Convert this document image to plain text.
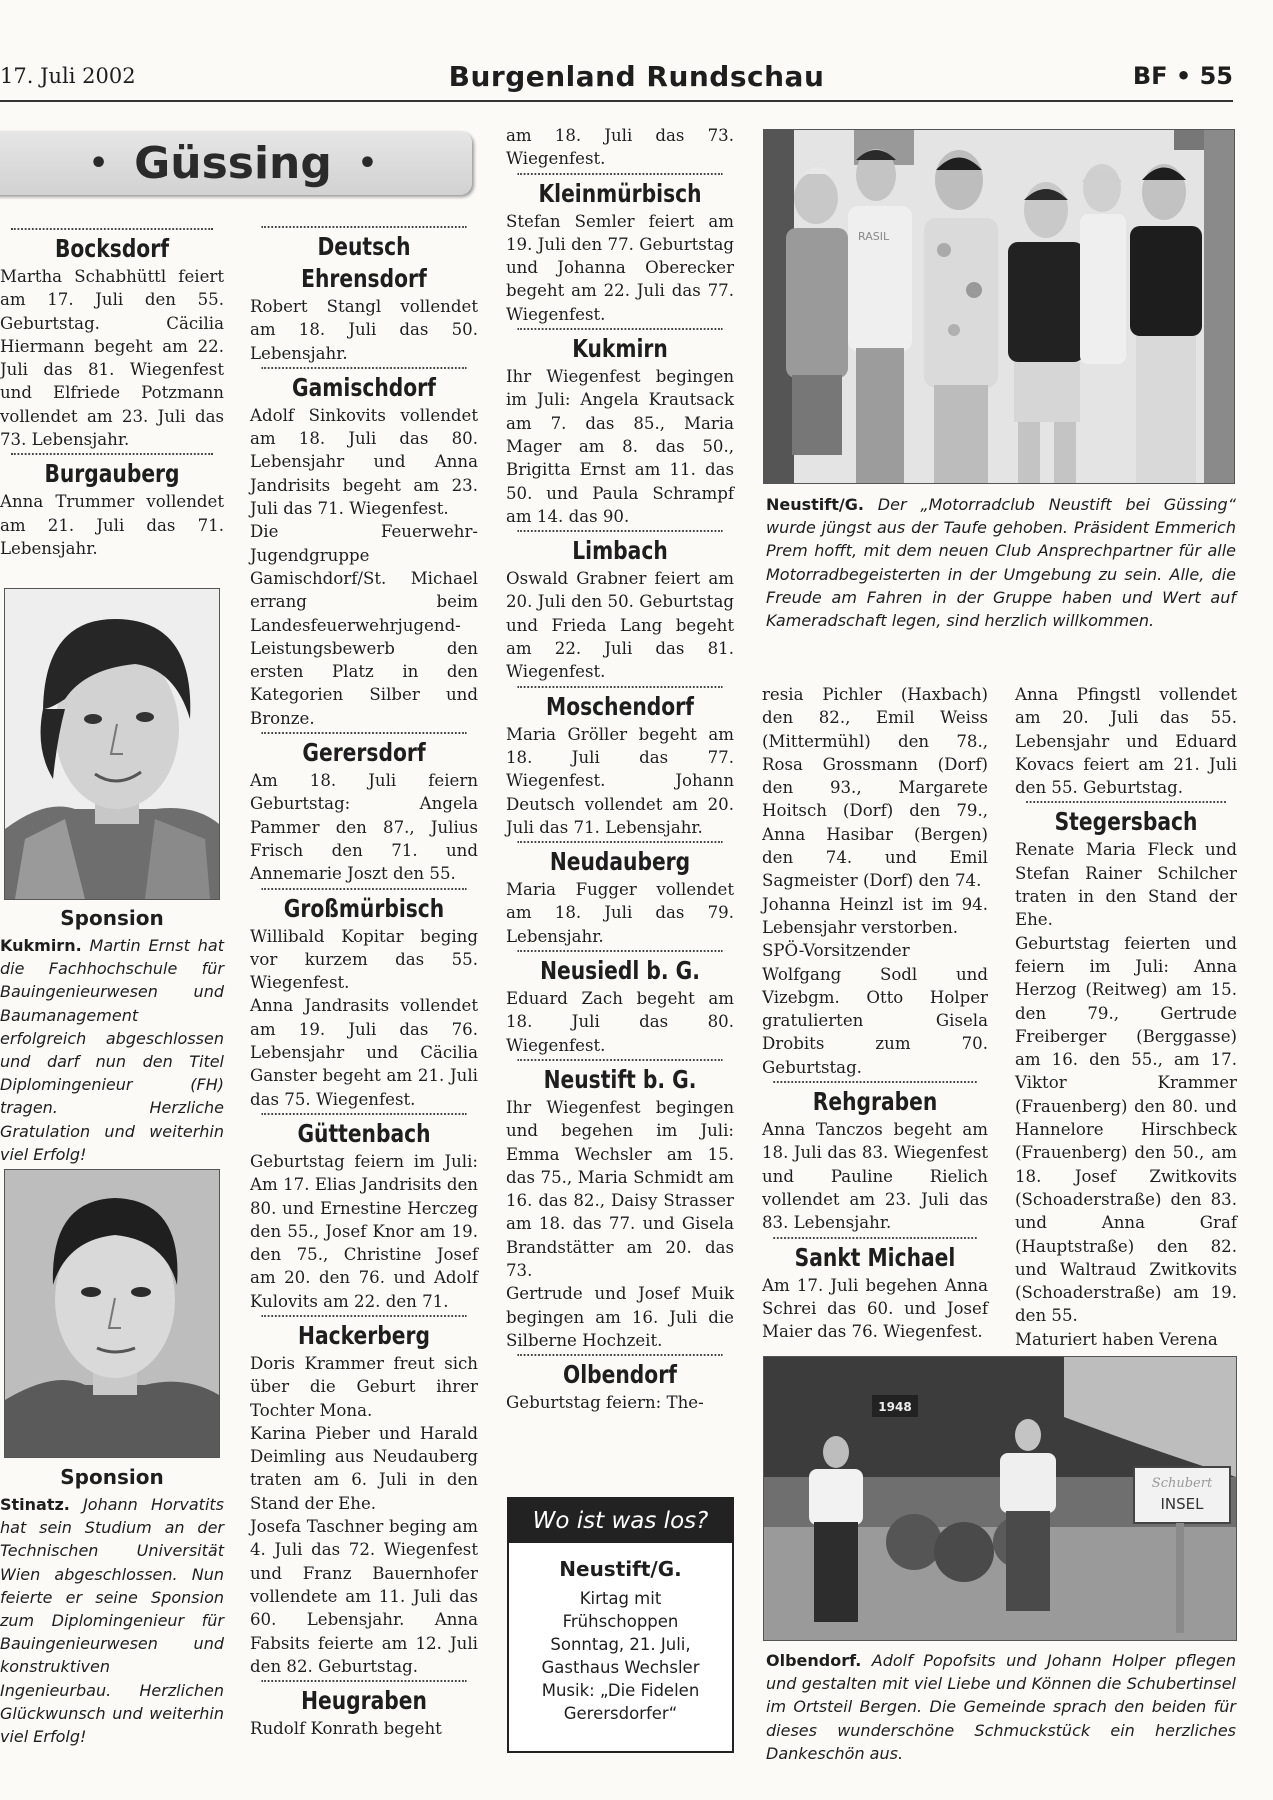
17. Juli 2002	Burgenland Rundschau	BF • 55
• Güssing •
Bocksdorf

Martha Schabhüttl feiert am 17. Juli den 55. Geburtstag. Cäcilia Hiermann begeht am 22. Juli das 81. Wiegenfest und Elfriede Potzmann vollendet am 23. Juli das 73. Lebensjahr.

Burgauberg

Anna Trummer vollendet am 21. Juli das 71. Lebensjahr.

Sponsion
Kukmirn. Martin Ernst hat die Fachhochschule für Bauingenieurwesen und Baumanagement erfolgreich abgeschlossen und darf nun den Titel Diplomingenieur (FH) tragen. Herzliche Gratulation und weiterhin viel Erfolg!
Sponsion
Stinatz. Johann Horvatits hat sein Studium an der Technischen Universität Wien abgeschlossen. Nun feierte er seine Sponsion zum Diplomingenieur für Bauingenieurwesen und konstruktiven Ingenieurbau. Herzlichen Glückwunsch und weiterhin viel Erfolg!
Deutsch Ehrensdorf

Robert Stangl vollendet am 18. Juli das 50. Lebensjahr.

Gamischdorf

Adolf Sinkovits vollendet am 18. Juli das 80. Lebensjahr und Anna Jandrisits begeht am 23. Juli das 71. Wiegenfest.

Die Feuerwehr-Jugendgruppe Gamischdorf/St. Michael errang beim Landesfeuerwehrjugend-Leistungsbewerb den ersten Platz in den Kategorien Silber und Bronze.

Gerersdorf

Am 18. Juli feiern Geburtstag: Angela Pammer den 87., Julius Frisch den 71. und Annemarie Joszt den 55.

Großmürbisch

Willibald Kopitar beging vor kurzem das 55. Wiegenfest.

Anna Jandrasits vollendet am 19. Juli das 76. Lebensjahr und Cäcilia Ganster begeht am 21. Juli das 75. Wiegenfest.

Güttenbach

Geburtstag feiern im Juli: Am 17. Elias Jandrisits den 80. und Ernestine Herczeg den 55., Josef Knor am 19. den 75., Christine Josef am 20. den 76. und Adolf Kulovits am 22. den 71.

Hackerberg

Doris Krammer freut sich über die Geburt ihrer Tochter Mona.

Karina Pieber und Harald Deimling aus Neudauberg traten am 6. Juli in den Stand der Ehe.

Josefa Taschner beging am 4. Juli das 72. Wiegenfest und Franz Bauernhofer vollendete am 11. Juli das 60. Lebensjahr. Anna Fabsits feierte am 12. Juli den 82. Geburtstag.

Heugraben

Rudolf Konrath begeht

am 18. Juli das 73. Wiegenfest.

Kleinmürbisch

Stefan Semler feiert am 19. Juli den 77. Geburtstag und Johanna Oberecker begeht am 22. Juli das 77. Wiegenfest.

Kukmirn

Ihr Wiegenfest begingen im Juli: Angela Krautsack am 7. das 85., Maria Mager am 8. das 50., Brigitta Ernst am 11. das 50. und Paula Schrampf am 14. das 90.

Limbach

Oswald Grabner feiert am 20. Juli den 50. Geburtstag und Frieda Lang begeht am 22. Juli das 81. Wiegenfest.

Moschendorf

Maria Gröller begeht am 18. Juli das 77. Wiegenfest. Johann Deutsch vollendet am 20. Juli das 71. Lebensjahr.

Neudauberg

Maria Fugger vollendet am 18. Juli das 79. Lebensjahr.

Neusiedl b. G.

Eduard Zach begeht am 18. Juli das 80. Wiegenfest.

Neustift b. G.

Ihr Wiegenfest begingen und begehen im Juli: Emma Wechsler am 15. das 75., Maria Schmidt am 16. das 82., Daisy Strasser am 18. das 77. und Gisela Brandstätter am 20. das 73.

Gertrude und Josef Muik begingen am 16. Juli die Silberne Hochzeit.

Olbendorf

Geburtstag feiern: The-

Wo ist was los?
Neustift/G.
Kirtag mit
Frühschoppen
Sonntag, 21. Juli,
Gasthaus Wechsler
Musik: „Die Fidelen
Gerersdorfer“
RASIL
Neustift/G. Der „Motorradclub Neustift bei Güssing“ wurde jüngst aus der Taufe gehoben. Präsident Emmerich Prem hofft, mit dem neuen Club Ansprechpartner für alle Motorradbegeisterten in der Umgebung zu sein. Alle, die Freude am Fahren in der Gruppe haben und Wert auf Kameradschaft legen, sind herzlich willkommen.

resia Pichler (Haxbach) den 82., Emil Weiss (Mittermühl) den 78., Rosa Grossmann (Dorf) den 93., Margarete Hoitsch (Dorf) den 79., Anna Hasibar (Bergen) den 74. und Emil Sagmeister (Dorf) den 74.

Johanna Heinzl ist im 94. Lebensjahr verstorben.

SPÖ-Vorsitzender Wolfgang Sodl und Vizebgm. Otto Holper gratulierten Gisela Drobits zum 70. Geburtstag.

Rehgraben

Anna Tanczos begeht am 18. Juli das 83. Wiegenfest und Pauline Rielich vollendet am 23. Juli das 83. Lebensjahr.

Sankt Michael

Am 17. Juli begehen Anna Schrei das 60. und Josef Maier das 76. Wiegenfest.

Anna Pfingstl vollendet am 20. Juli das 55. Lebensjahr und Eduard Kovacs feiert am 21. Juli den 55. Geburtstag.

Stegersbach

Renate Maria Fleck und Stefan Rainer Schilcher traten in den Stand der Ehe.

Geburtstag feierten und feiern im Juli: Anna Herzog (Reitweg) am 15. den 79., Gertrude Freiberger (Berggasse) am 16. den 55., am 17. Viktor Krammer (Frauenberg) den 80. und Hannelore Hirschbeck (Frauenberg) den 50., am 18. Josef Zwitkovits (Schoaderstraße) den 83. und Anna Graf (Hauptstraße) den 82. und Waltraud Zwitkovits (Schoaderstraße) am 19. den 55.

Maturiert haben Verena

1948
Schubert
INSEL
Olbendorf. Adolf Popofsits und Johann Holper pflegen und gestalten mit viel Liebe und Können die Schubertinsel im Ortsteil Bergen. Die Gemeinde sprach den beiden für dieses wunderschöne Schmuckstück ein herzliches Dankeschön aus.
